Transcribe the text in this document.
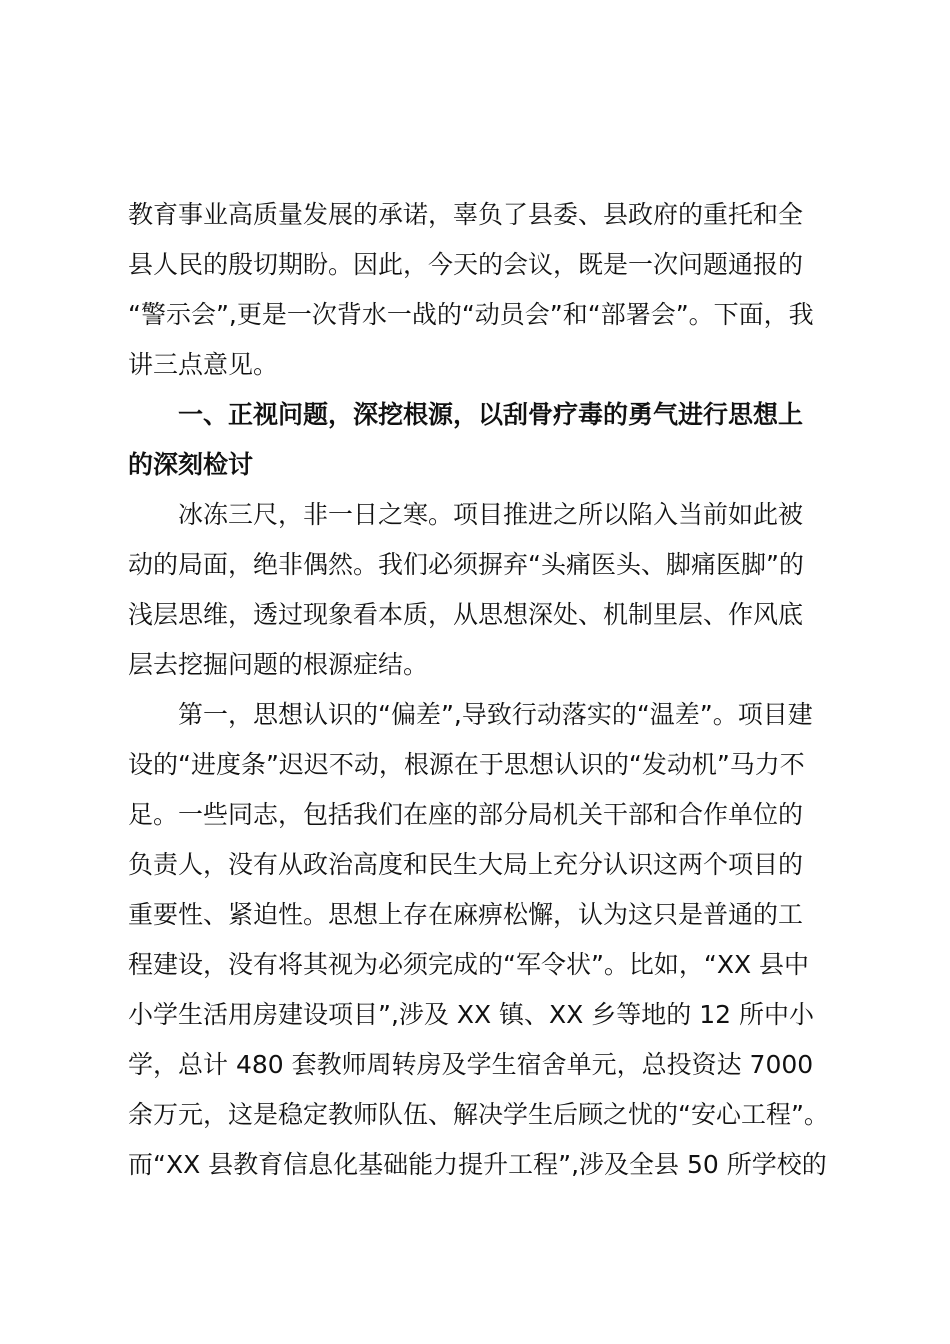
教育事业高质量发展的承诺，辜负了县委、县政府的重托和全
县人民的殷切期盼。因此，今天的会议，既是一次问题通报的
“警示会”,更是一次背水一战的“动员会”和“部署会”。下面，我
讲三点意见。
一、正视问题，深挖根源，以刮骨疗毒的勇气进行思想上
的深刻检讨
冰冻三尺，非一日之寒。项目推进之所以陷入当前如此被
动的局面，绝非偶然。我们必须摒弃“头痛医头、脚痛医脚”的
浅层思维，透过现象看本质，从思想深处、机制里层、作风底
层去挖掘问题的根源症结。
第一，思想认识的“偏差”,导致行动落实的“温差”。项目建
设的“进度条”迟迟不动，根源在于思想认识的“发动机”马力不
足。一些同志，包括我们在座的部分局机关干部和合作单位的
负责人，没有从政治高度和民生大局上充分认识这两个项目的
重要性、紧迫性。思想上存在麻痹松懈，认为这只是普通的工
程建设，没有将其视为必须完成的“军令状”。比如，“XX 县中
小学生活用房建设项目”,涉及 XX 镇、XX 乡等地的 12 所中小
学，总计 480 套教师周转房及学生宿舍单元，总投资达 7000
余万元，这是稳定教师队伍、解决学生后顾之忧的“安心工程”。
而“XX 县教育信息化基础能力提升工程”,涉及全县 50 所学校的
